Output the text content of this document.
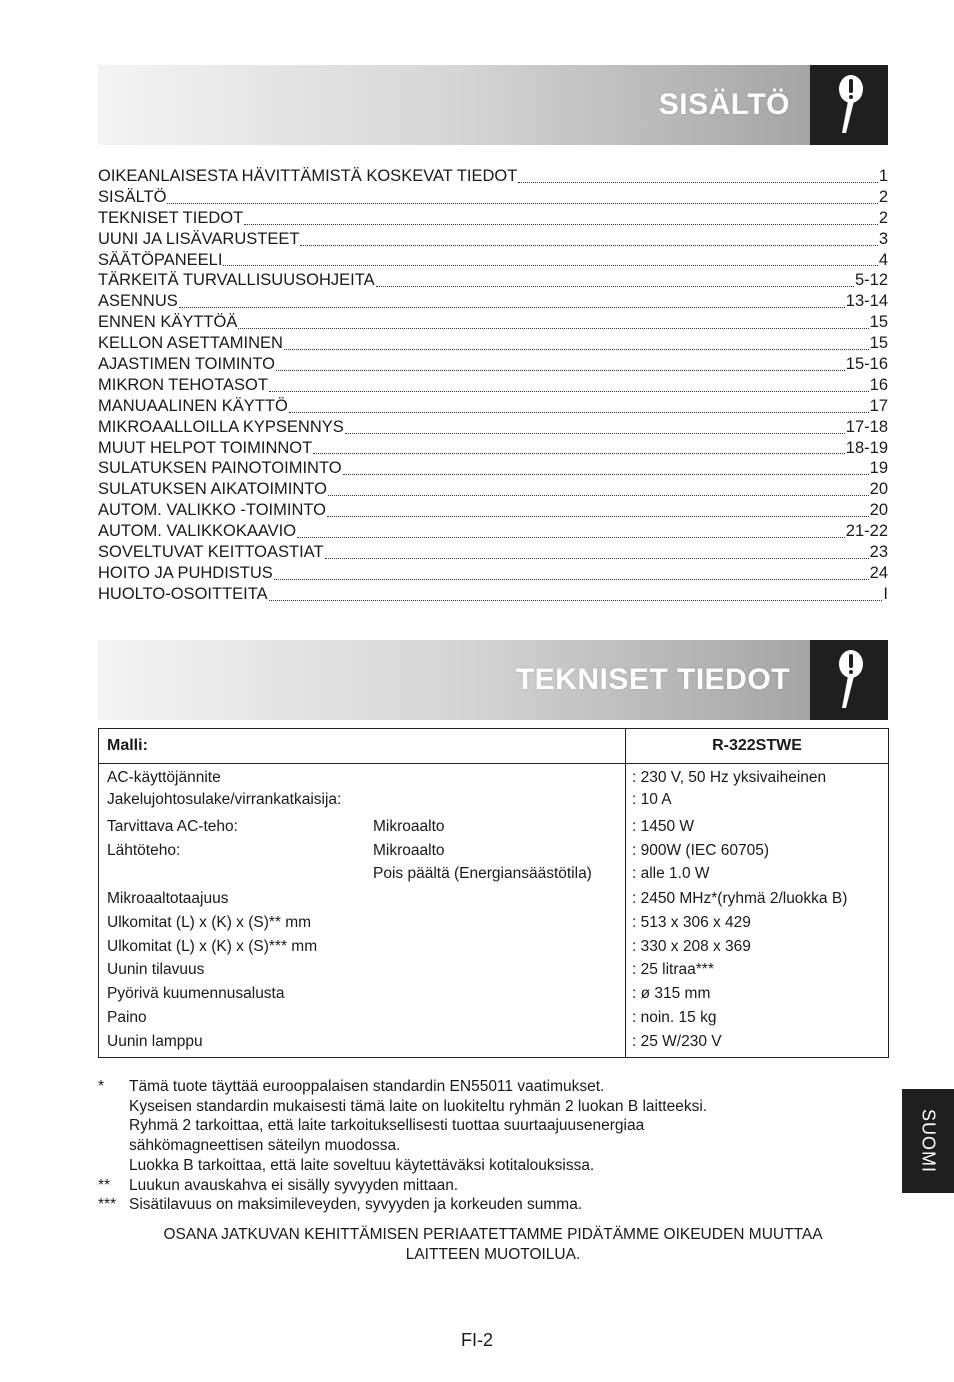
SISÄLTÖ
OIKEANLAISESTA HÄVITTÄMISTÄ KOSKEVAT TIEDOT	1
SISÄLTÖ	2
TEKNISET TIEDOT	2
UUNI JA LISÄVARUSTEET	3
SÄÄTÖPANEELI	4
TÄRKEITÄ TURVALLISUUSOHJEITA	5-12
ASENNUS	13-14
ENNEN KÄYTTÖÄ	15
KELLON ASETTAMINEN	15
AJASTIMEN TOIMINTO	15-16
MIKRON TEHOTASOT	16
MANUAALINEN KÄYTTÖ	17
MIKROAALLOILLA KYPSENNYS	17-18
MUUT HELPOT TOIMINNOT	18-19
SULATUKSEN PAINOTOIMINTO	19
SULATUKSEN AIKATOIMINTO	20
AUTOM. VALIKKO -TOIMINTO	20
AUTOM. VALIKKOKAAVIO	21-22
SOVELTUVAT KEITTOASTIAT	23
HOITO JA PUHDISTUS	24
HUOLTO-OSOITTEITA	I
TEKNISET TIEDOT
Malli:	R-322STWE
AC-käyttöjännite	: 230 V, 50 Hz yksivaiheinen
Jakelujohtosulake/virrankatkaisija:	: 10 A
Tarvittava AC-teho:	Mikroaalto	: 1450 W
Lähtöteho:	Mikroaalto	: 900W (IEC 60705)
Pois päältä (Energiansäästötila)	: alle 1.0 W
Mikroaaltotaajuus	: 2450 MHz*(ryhmä 2/luokka B)
Ulkomitat (L) x (K) x (S)** mm	: 513 x 306 x 429
Ulkomitat (L) x (K) x (S)*** mm	: 330 x 208 x 369
Uunin tilavuus	: 25 litraa***
Pyörivä kuumennusalusta	: ø 315 mm
Paino	: noin. 15 kg
Uunin lamppu	: 25 W/230 V
* Tämä tuote täyttää eurooppalaisen standardin EN55011 vaatimukset.
Kyseisen standardin mukaisesti tämä laite on luokiteltu ryhmän 2 luokan B laitteeksi.
Ryhmä 2 tarkoittaa, että laite tarkoituksellisesti tuottaa suurtaajuusenergiaa
sähkömagneettisen säteilyn muodossa.
Luokka B tarkoittaa, että laite soveltuu käytettäväksi kotitalouksissa.
** Luukun avauskahva ei sisälly syvyyden mittaan.
*** Sisätilavuus on maksimileveyden, syvyyden ja korkeuden summa.
OSANA JATKUVAN KEHITTÄMISEN PERIAATETTAMME PIDÄTÄMME OIKEUDEN MUUTTAA
LAITTEEN MUOTOILUA.
SUOMI
FI-2
